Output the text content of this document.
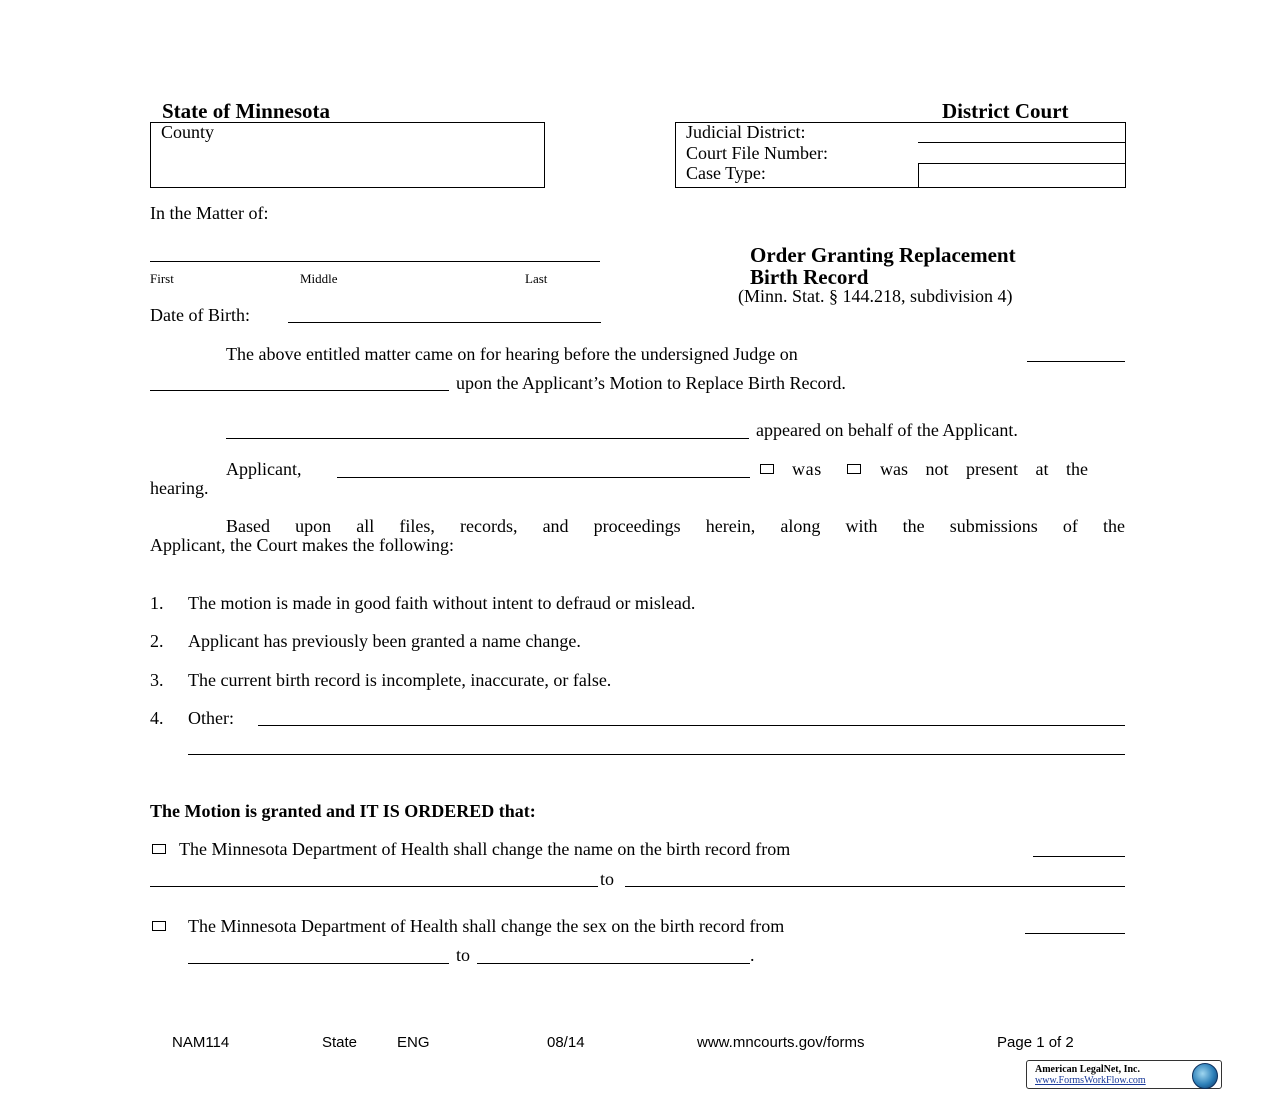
State of Minnesota	District Court
County	Judicial District:
Court File Number:
Case Type:
In the Matter of:
First	Middle	Last
Date of Birth:
Order Granting Replacement
Birth Record
(Minn. Stat. § 144.218, subdivision 4)
The above entitled matter came on for hearing before the undersigned Judge on
upon the Applicant’s Motion to Replace Birth Record.
appeared on behalf of the Applicant.
Applicant,	was	was not present at the
hearing.
Based upon all files, records, and proceedings herein, along with the submissions of the
Applicant, the Court makes the following:
1. The motion is made in good faith without intent to defraud or mislead.
2. Applicant has previously been granted a name change.
3. The current birth record is incomplete, inaccurate, or false.
4. Other:
The Motion is granted and IT IS ORDERED that:
The Minnesota Department of Health shall change the name on the birth record from
to
The Minnesota Department of Health shall change the sex on the birth record from
to	.
NAM114	State	ENG	08/14	www.mncourts.gov/forms	Page 1 of 2
American LegalNet, Inc.
www.FormsWorkFlow.com
